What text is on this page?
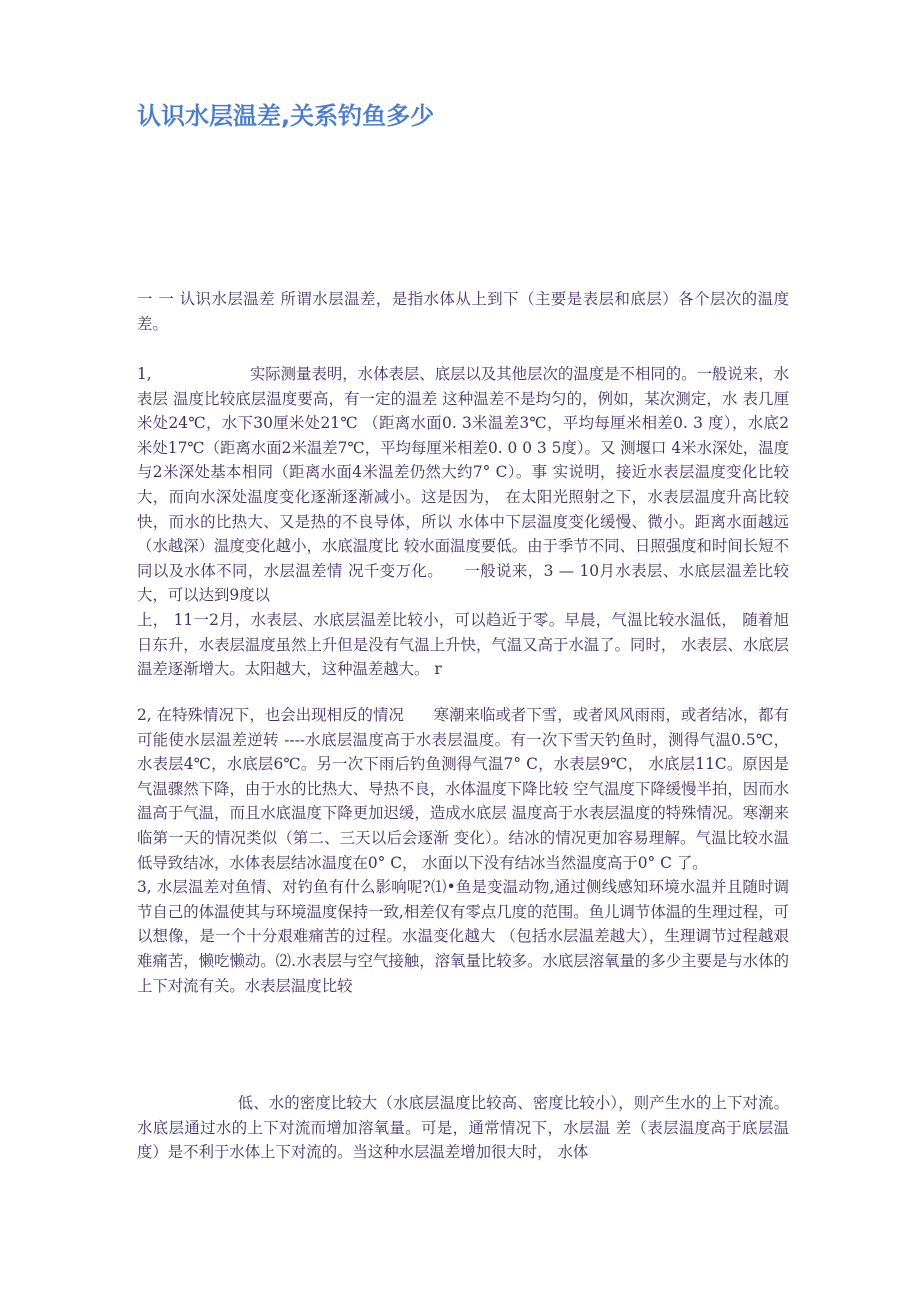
认识水层温差,关系钓鱼多少

一 一 认识水层温差 所谓水层温差，是指水体从上到下（主要是表层和底层）各个层次的温度差。

1,                    实际测量表明，水体表层、底层以及其他层次的温度是不相同的。一般说来，水表层 温度比较底层温度要高，有一定的温差 这种温差不是均匀的，例如，某次测定，水 表几厘米处24℃，水下30厘米处21℃ （距离水面0. 3米温差3℃，平均每厘米相差0. 3 度），水底2米处17℃（距离水面2米温差7℃，平均每厘米相差0. 0 0 3 5度）。又 测堰口 4米水深处，温度与2米深处基本相同（距离水面4米温差仍然大约7° C）。事 实说明，接近水表层温度变化比较大，而向水深处温度变化逐渐逐渐减小。这是因为， 在太阳光照射之下，水表层温度升高比较快，而水的比热大、又是热的不良导体，所以 水体中下层温度变化缓慢、微小。距离水面越远（水越深）温度变化越小，水底温度比 较水面温度要低。由于季节不同、日照强度和时间长短不同以及水体不同，水层温差情 况千变万化。    一般说来，3 — 10月水表层、水底层温差比较大，可以达到9度以
上， 11一2月，水表层、水底层温差比较小，可以趋近于零。早晨，气温比较水温低， 随着旭日东升，水表层温度虽然上升但是没有气温上升快，气温又高于水温了。同时， 水表层、水底层温差逐渐增大。太阳越大，这种温差越大。 r

2, 在特殊情况下，也会出现相反的情况      寒潮来临或者下雪，或者风风雨雨，或者结冰，都有可能使水层温差逆转 ----水底层温度高于水表层温度。有一次下雪天钓鱼时，测得气温0.5℃，水表层4℃，水底层6℃。另一次下雨后钓鱼测得气温7° C，水表层9℃， 水底层11C。原因是气温骤然下降，由于水的比热大、导热不良，水体温度下降比较 空气温度下降缓慢半拍，因而水温高于气温，而且水底温度下降更加迟缓，造成水底层 温度高于水表层温度的特殊情况。寒潮来临第一天的情况类似（第二、三天以后会逐渐 变化）。结冰的情况更加容易理解。气温比较水温低导致结冰，水体表层结冰温度在0° C， 水面以下没有结冰当然温度高于0° C 了。
3, 水层温差对鱼情、对钓鱼有什么影响呢?⑴•鱼是变温动物,通过侧线感知环境水温并且随时调节自己的体温使其与环境温度保持一致,相差仅有零点几度的范围。鱼儿调节体温的生理过程，可以想像，是一个十分艰难痛苦的过程。水温变化越大 （包括水层温差越大），生理调节过程越艰难痛苦，懒吃懒动。⑵.水表层与空气接触，溶氧量比较多。水底层溶氧量的多少主要是与水体的上下对流有关。水表层温度比较

低、水的密度比较大（水底层温度比较高、密度比较小），则产生水的上下对流。水底层通过水的上下对流而增加溶氧量。可是，通常情况下，水层温 差（表层温度高于底层温度）是不利于水体上下对流的。当这种水层温差增加很大时， 水体
